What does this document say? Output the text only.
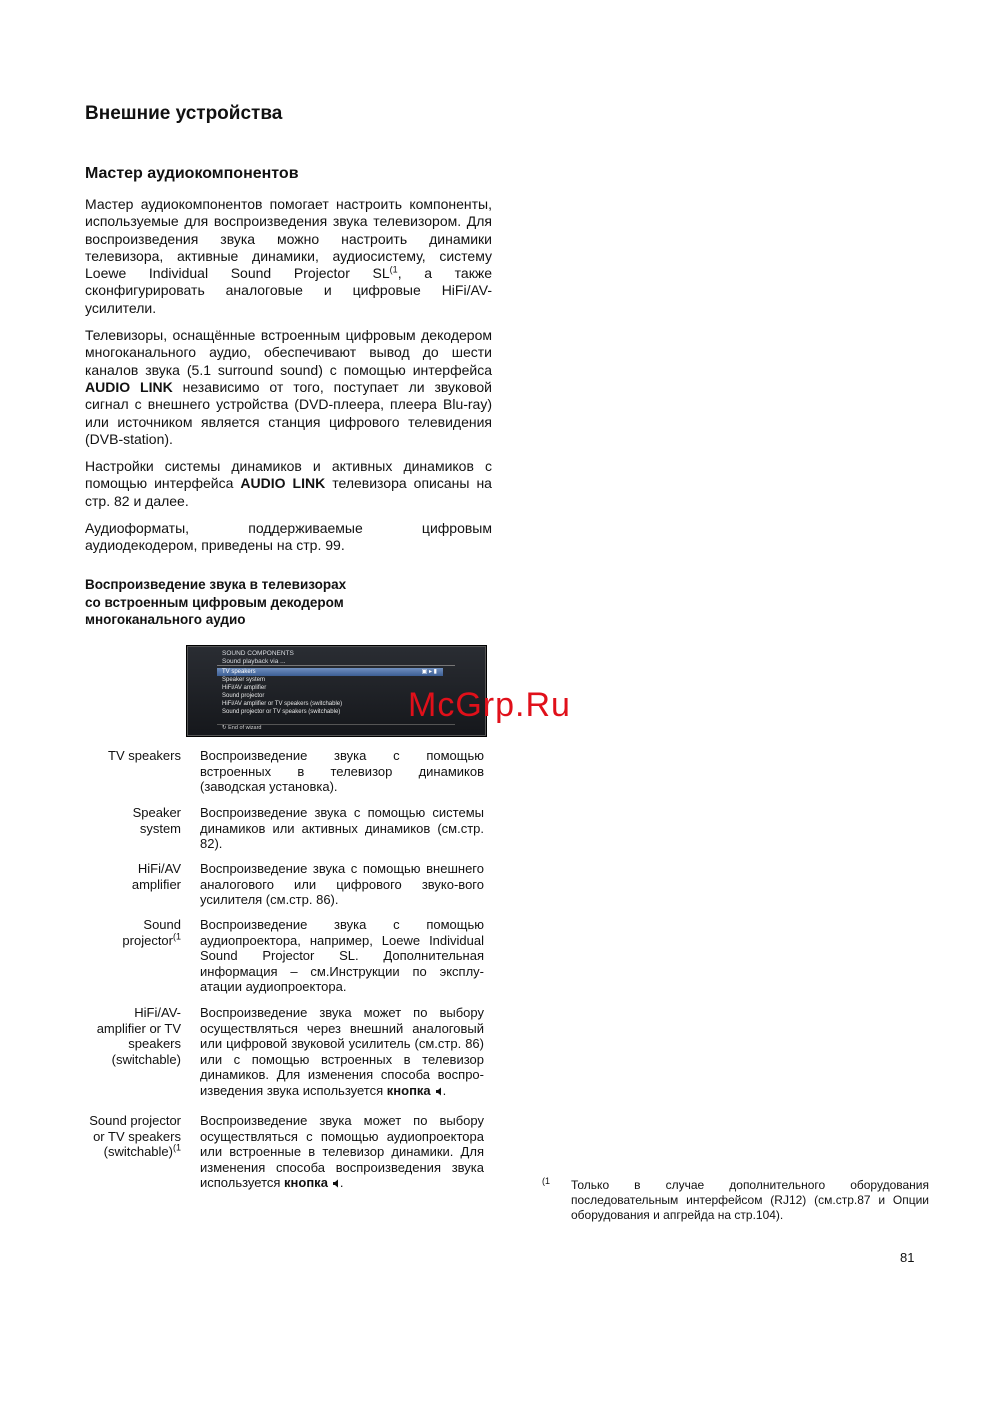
Внешние устройства
Мастер аудиокомпонентов

Мастер аудиокомпонентов помогает настроить компоненты, используемые для воспроизведения звука телевизором. Для воспроизведения звука можно настроить динамики телевизора, активные динамики, аудиосистему, систему Loewe Individual Sound Projector SL$^{(1}$, а также сконфигурировать аналоговые и цифровые HiFi/AV-усилители.

Телевизоры, оснащённые встроенным цифровым декодером многоканального аудио, обеспечивают вывод до шести каналов звука (5.1 surround sound) с помощью интерфейса AUDIO LINK независимо от того, поступает ли звуковой сигнал с внешнего устройства (DVD-плеера, плеера Blu-ray) или источником является станция цифрового телевидения (DVB-station).

Настройки системы динамиков и активных динамиков с помощью интерфейса AUDIO LINK телевизора описаны на стр. 82 и далее.

Аудиоформаты, поддерживаемые цифровым аудиодекодером, приведены на стр. 99.

Воспроизведение звука в телевизорах
со встроенным цифровым декодером
многоканального аудио
SOUND COMPONENTS
Sound playback via ...
TV speakers	▣ ▸ ▮
Speaker system
HiFi/AV amplifier
Sound projector
HiFi/AV amplifier or TV speakers (switchable)
Sound projector or TV speakers (switchable)
↻ End of wizard
McGrp.Ru
TV speakers Воспроизведение звука с помощью встроенных в телевизор динамиков (заводская установка).
Speaker system
Воспроизведение звука с помощью системы динамиков или активных динамиков (см.стр. 82).
HiFi/AV amplifier
Воспроизведение звука с помощью внешнего аналогового или цифрового звуко-вого усилителя (см.стр. 86).
Sound projector$^{(1}$
Воспроизведение звука с помощью аудиопроектора, например, Loewe Individual Sound Projector SL. Дополнительная информация – см.Инструкции по эксплу-атации аудиопроектора.
HiFi/AV-amplifier or TV speakers (switchable)
Воспроизведение звука может по выбору осуществляться через внешний аналоговый или цифровой звуковой усилитель (см.стр. 86) или с помощью встроенных в телевизор динамиков. Для изменения способа воспро-изведения звука используется кнопка .
Sound projector or TV speakers (switchable)$^{(1}$
Воспроизведение звука может по выбору осуществляться с помощью аудиопроектора или встроенные в телевизор динамики. Для изменения способа воспроизведения звука используется кнопка .	(1 Только в случае дополнительного оборудования последовательным интерфейсом (RJ12) (см.стр.87 и Опции оборудования и апгрейда на стр.104).
81
